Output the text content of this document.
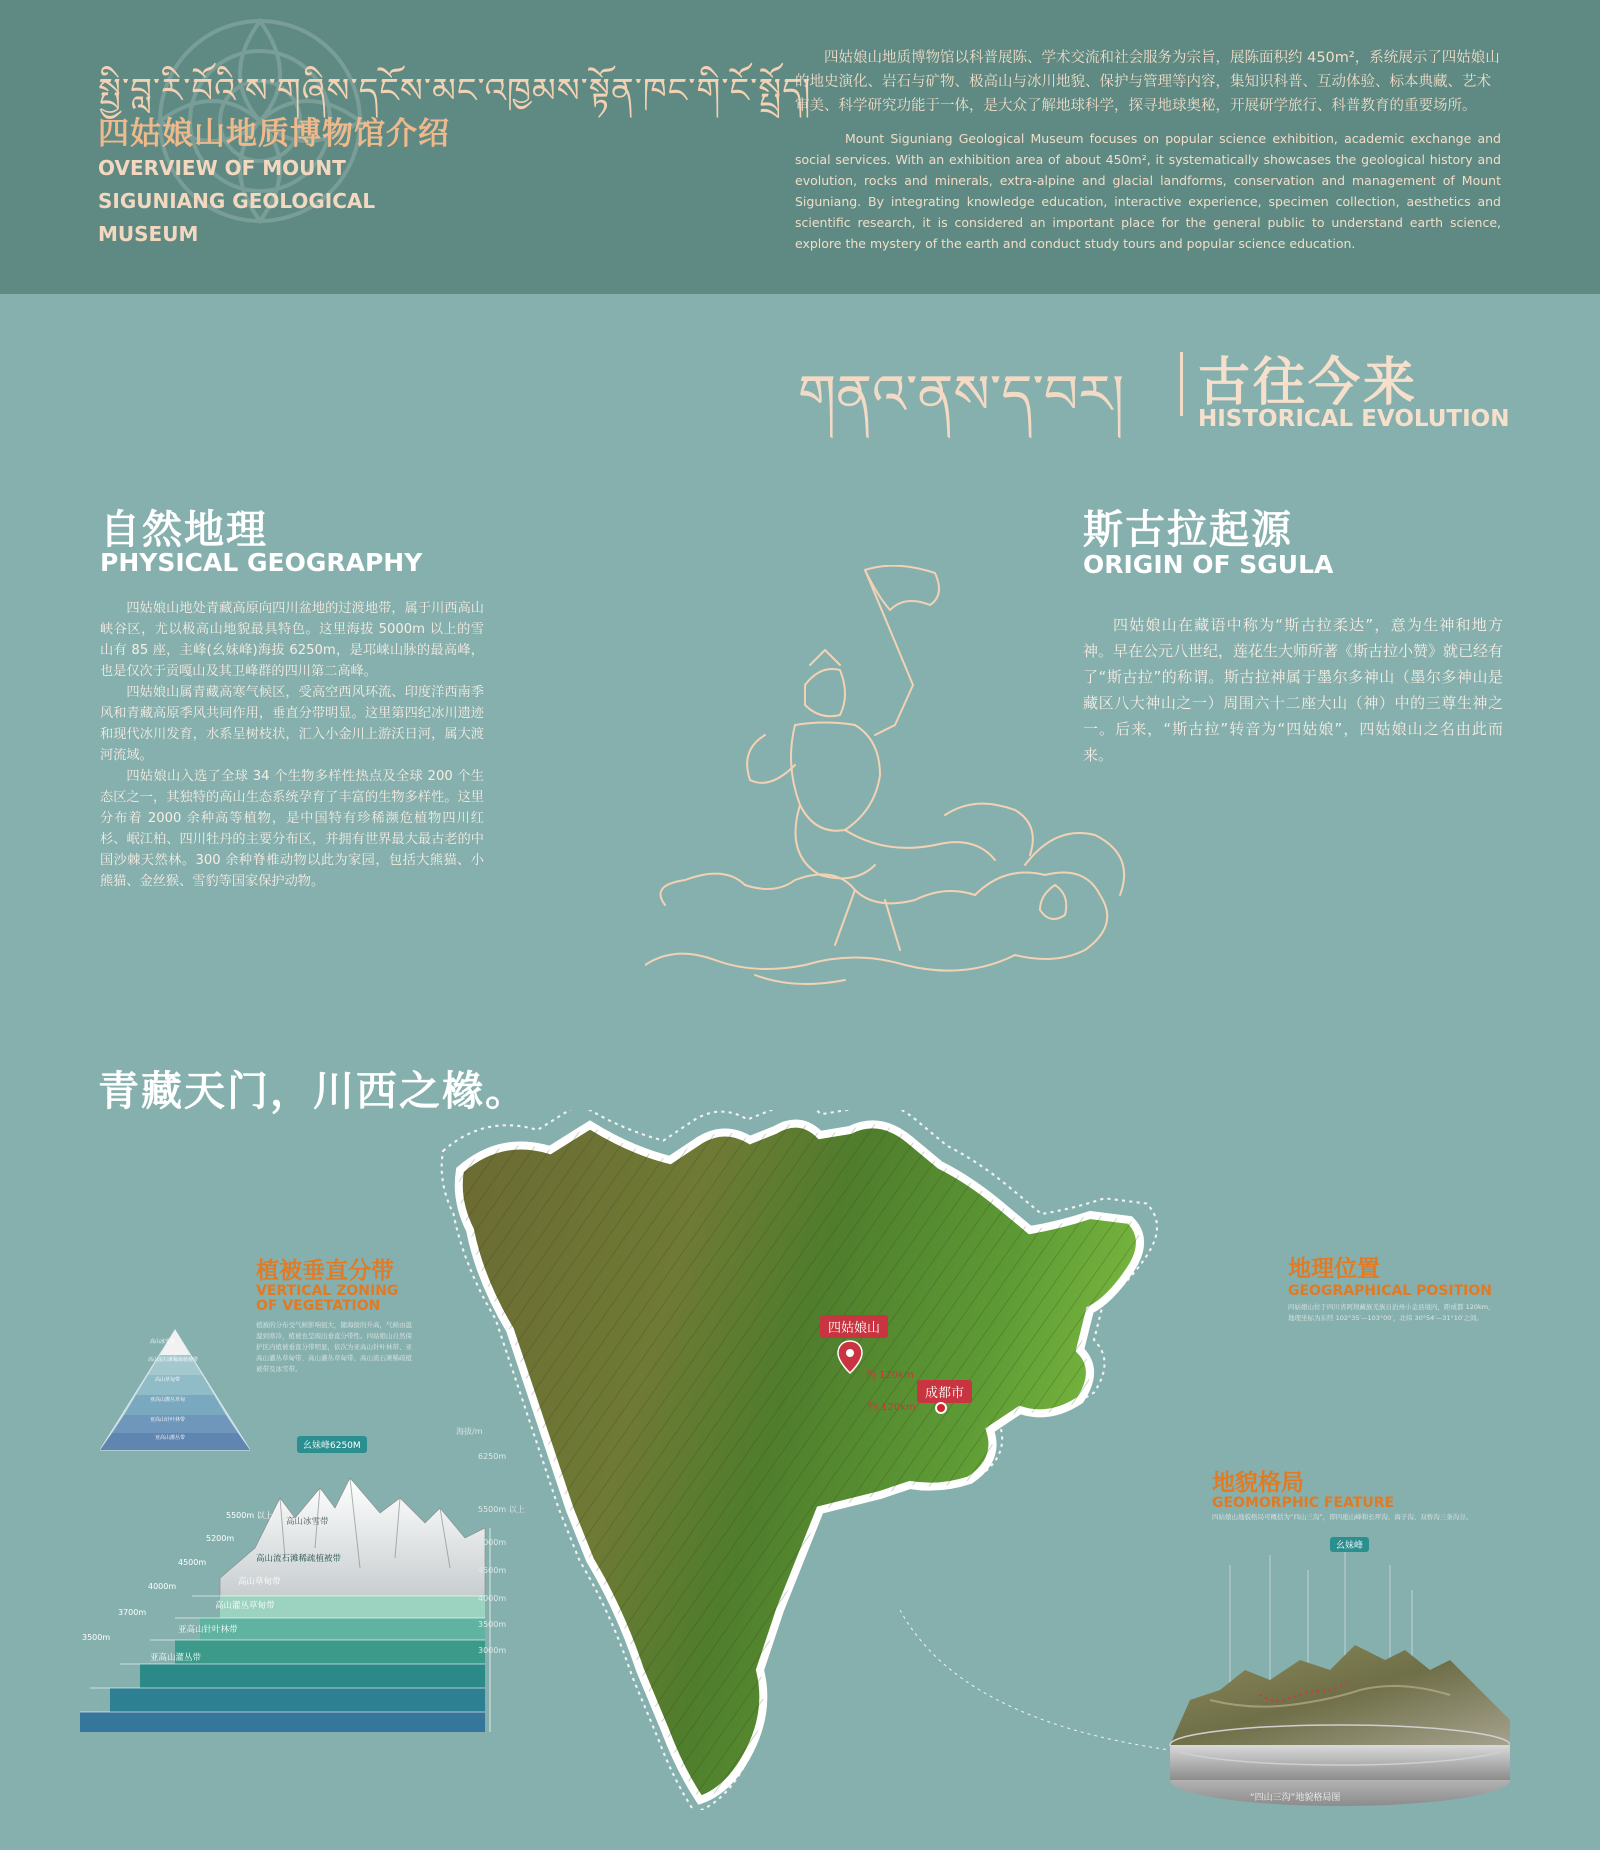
སྤྱི་བླ་རི་བོའི་ས་གཞིས་དངོས་མང་འཁྱམས་སྟོན་ཁང་གི་ངོ་སྤྲོད།
四姑娘山地质博物馆介绍
OVERVIEW OF MOUNT SIGUNIANG GEOLOGICAL MUSEUM
四姑娘山地质博物馆以科普展陈、学术交流和社会服务为宗旨，展陈面积约 450m²，系统展示了四姑娘山的地史演化、岩石与矿物、极高山与冰川地貌、保护与管理等内容，集知识科普、互动体验、标本典藏、艺术审美、科学研究功能于一体，是大众了解地球科学，探寻地球奥秘，开展研学旅行、科普教育的重要场所。
Mount Siguniang Geological Museum focuses on popular science exhibition, academic exchange and social services. With an exhibition area of about 450m², it systematically showcases the geological history and evolution, rocks and minerals, extra-alpine and glacial landforms, conservation and management of Mount Siguniang. By integrating knowledge education, interactive experience, specimen collection, aesthetics and scientific research, it is considered an important place for the general public to understand earth science, explore the mystery of the earth and conduct study tours and popular science education.
གནའ་ནས་ད་བར། 古往今来
HISTORICAL EVOLUTION
自然地理
PHYSICAL GEOGRAPHY

四姑娘山地处青藏高原向四川盆地的过渡地带，属于川西高山峡谷区，尤以极高山地貌最具特色。这里海拔 5000m 以上的雪山有 85 座，主峰(幺妹峰)海拔 6250m，是邛崃山脉的最高峰，也是仅次于贡嘎山及其卫峰群的四川第二高峰。

四姑娘山属青藏高寒气候区，受高空西风环流、印度洋西南季风和青藏高原季风共同作用，垂直分带明显。这里第四纪冰川遗迹和现代冰川发育，水系呈树枝状，汇入小金川上游沃日河，属大渡河流域。

四姑娘山入选了全球 34 个生物多样性热点及全球 200 个生态区之一，其独特的高山生态系统孕育了丰富的生物多样性。这里分布着 2000 余种高等植物，是中国特有珍稀濒危植物四川红杉、岷江柏、四川牡丹的主要分布区，并拥有世界最大最古老的中国沙棘天然林。300 余种脊椎动物以此为家园，包括大熊猫、小熊猫、金丝猴、雪豹等国家保护动物。

斯古拉起源
ORIGIN OF SGULA
四姑娘山在藏语中称为“斯古拉柔达”，意为生神和地方神。早在公元八世纪，莲花生大师所著《斯古拉小赞》就已经有了“斯古拉”的称谓。斯古拉神属于墨尔多神山（墨尔多神山是藏区八大神山之一）周围六十二座大山（神）中的三尊生神之一。后来，“斯古拉”转音为“四姑娘”，四姑娘山之名由此而来。
青藏天门，川西之橼。
四姑娘山
约 120km
成都市
约 120km
植被垂直分带
VERTICAL ZONING OF VEGETATION
植被的分布受气候影响很大，随海拔的升高，气候由温湿到寒冷，植被也呈现出垂直分带性。四姑娘山自然保护区内植被垂直分带明显，依次为亚高山针叶林带、亚高山灌丛草甸带、高山灌丛草甸带、高山流石滩稀疏植被带及冰雪带。
高山冰雪带
高山流石滩稀疏植被带
高山草甸带
亚高山灌丛草甸
亚高山针叶林带
亚高山灌丛带
幺妹峰6250M
海拔/m
6250m
5500m 以上
5000m
4500m
4000m
3500m
3000m
高山冰雪带
高山流石滩稀疏植被带
高山草甸带
高山灌丛草甸带
亚高山针叶林带
亚高山灌丛带
5500m 以上
5200m
4500m
4000m
3700m
3500m
地理位置
GEOGRAPHICAL POSITION
四姑娘山位于四川省阿坝藏族羌族自治州小金县境内，距成都 120km，地理坐标为东经 102°35′—103°00′，北纬 30°54′—31°10′之间。
地貌格局
GEOMORPHIC FEATURE
四姑娘山地貌格局可概括为“四山三沟”，即四座山峰和长坪沟、海子沟、双桥沟三条沟谷。
幺妹峰
“四山三沟”地貌格局图
